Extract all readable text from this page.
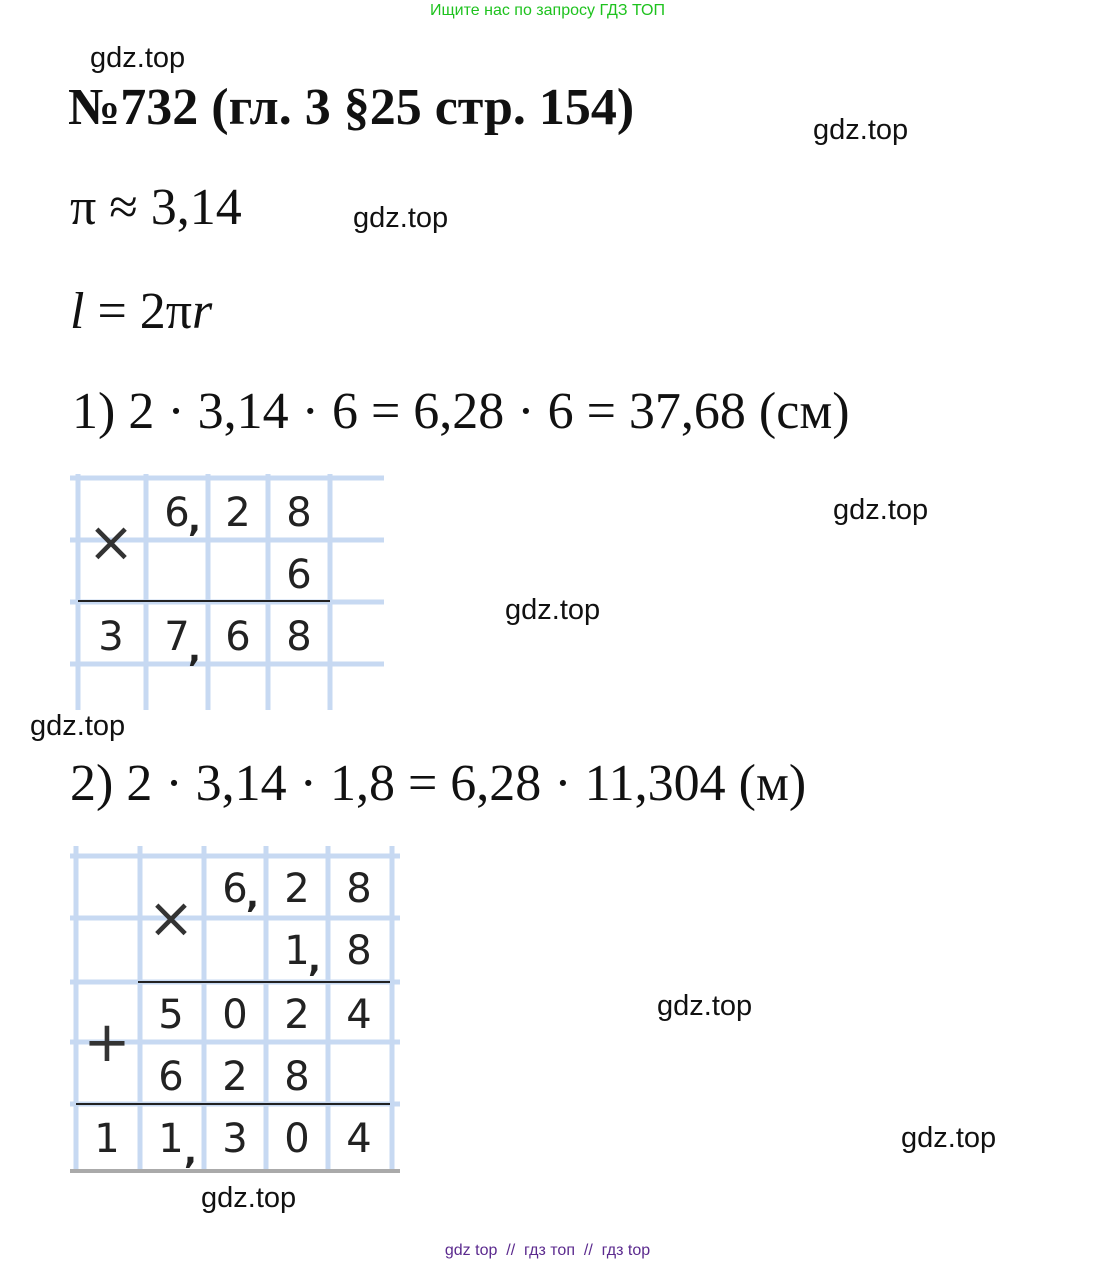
Ищите нас по запросу ГДЗ ТОП
gdz.top
gdz.top
gdz.top
gdz.top
gdz.top
gdz.top
gdz.top
gdz.top
gdz.top
№732 (гл. 3 §25 стр. 154)
π ≈ 3,14
l = 2πr
1) 2 · 3,14 · 6 = 6,28 · 6 = 37,68 (см)
× 6
, 2 8
6
3	7
, 6 8
2) 2 · 3,14 · 1,8 = 6,28 · 11,304 (м)
×
+
6
, 2 8
1
, 8
5 0 2 4
6 2 8
1 1 , 3 0 4
gdz top  //  гдз топ  //  гдз top
